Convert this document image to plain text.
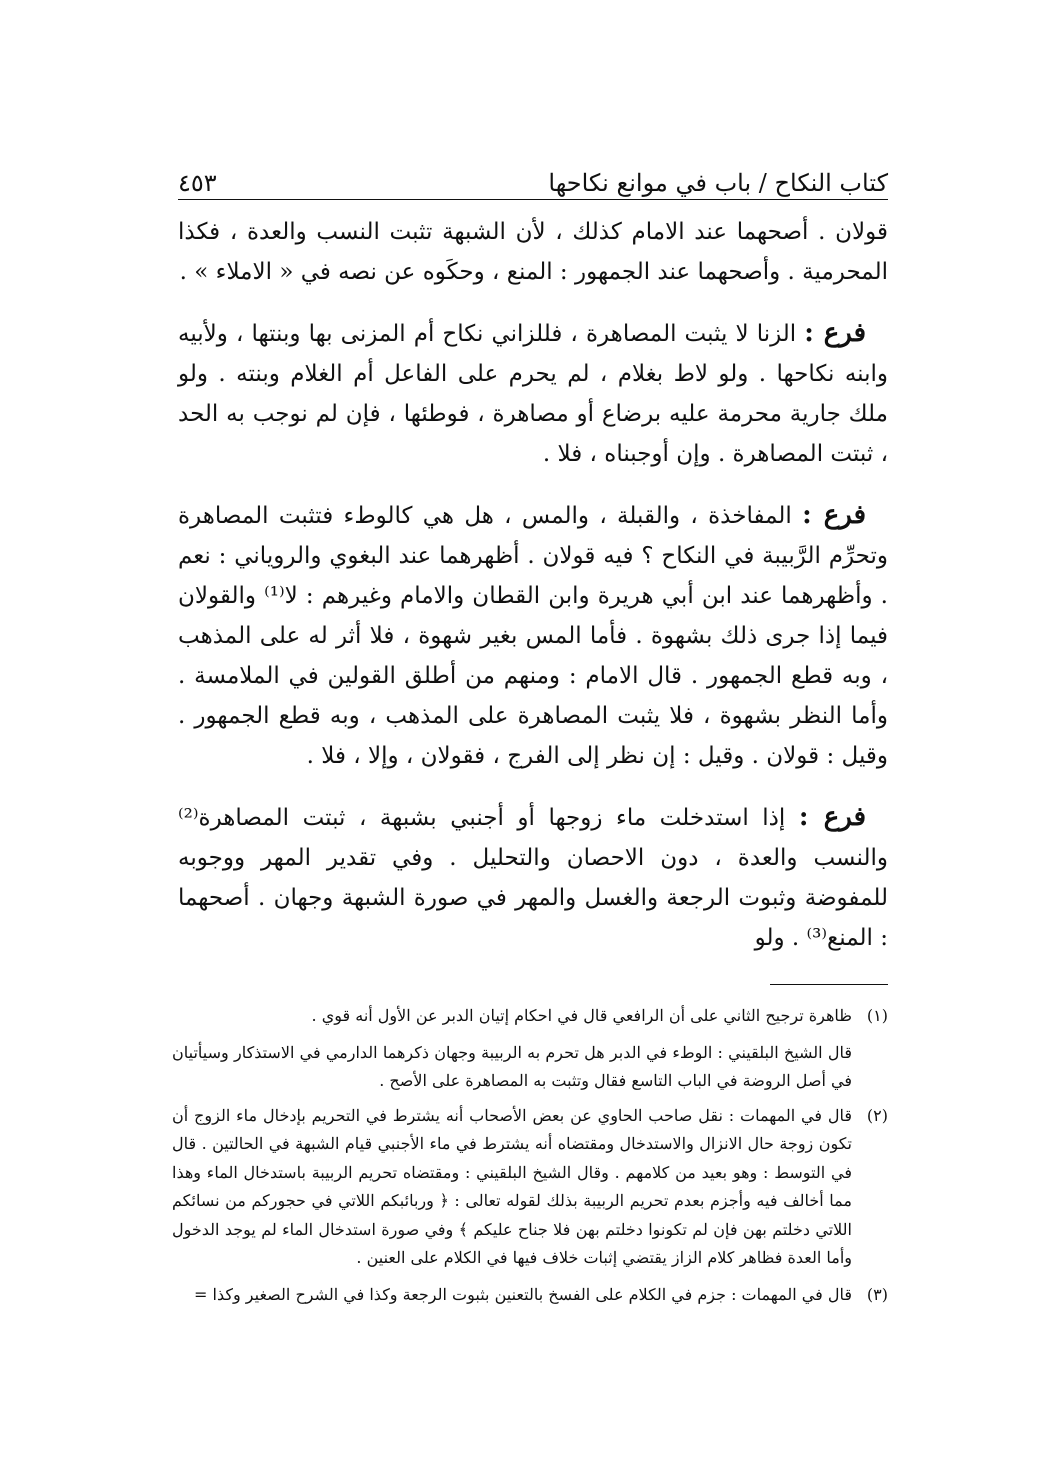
كتاب النكاح / باب في موانع نكاحها
٤٥٣

قولان . أصحهما عند الامام كذلك ، لأن الشبهة تثبت النسب والعدة ، فكذا المحرمية . وأصحهما عند الجمهور : المنع ، وحكَوه عن نصه في « الاملاء » .

فرع : الزنا لا يثبت المصاهرة ، فللزاني نكاح أم المزنى بها وبنتها ، ولأبيه وابنه نكاحها . ولو لاط بغلام ، لم يحرم على الفاعل أم الغلام وبنته . ولو ملك جارية محرمة عليه برضاع أو مصاهرة ، فوطئها ، فإن لم نوجب به الحد ، ثبتت المصاهرة . وإن أوجبناه ، فلا .

فرع : المفاخذة ، والقبلة ، والمس ، هل هي كالوطء فتثبت المصاهرة وتحرِّم الرَّبيبة في النكاح ؟ فيه قولان . أظهرهما عند البغوي والروياني : نعم . وأظهرهما عند ابن أبي هريرة وابن القطان والامام وغيرهم : لا⁽¹⁾ والقولان فيما إذا جرى ذلك بشهوة . فأما المس بغير شهوة ، فلا أثر له على المذهب ، وبه قطع الجمهور . قال الامام : ومنهم من أطلق القولين في الملامسة . وأما النظر بشهوة ، فلا يثبت المصاهرة على المذهب ، وبه قطع الجمهور . وقيل : قولان . وقيل : إن نظر إلى الفرج ، فقولان ، وإلا ، فلا .

فرع : إذا استدخلت ماء زوجها أو أجنبي بشبهة ، ثبتت المصاهرة⁽²⁾ والنسب والعدة ، دون الاحصان والتحليل . وفي تقدير المهر ووجوبه للمفوضة وثبوت الرجعة والغسل والمهر في صورة الشبهة وجهان . أصحهما : المنع⁽³⁾ . ولو

(١)
ظاهرة ترجيح الثاني على أن الرافعي قال في احكام إتيان الدبر عن الأول أنه قوي .
قال الشيخ البلقيني : الوطء في الدبر هل تحرم به الربيبة وجهان ذكرهما الدارمي في الاستذكار وسيأتيان في أصل الروضة في الباب التاسع فقال وتثبت به المصاهرة على الأصح .
(٢)
قال في المهمات : نقل صاحب الحاوي عن بعض الأصحاب أنه يشترط في التحريم بإدخال ماء الزوج أن تكون زوجة حال الانزال والاستدخال ومقتضاه أنه يشترط في ماء الأجنبي قيام الشبهة في الحالتين . قال في التوسط : وهو بعيد من كلامهم . وقال الشيخ البلقيني : ومقتضاه تحريم الربيبة باستدخال الماء وهذا مما أخالف فيه وأجزم بعدم تحريم الربيبة بذلك لقوله تعالى : ﴿ وربائبكم اللاتي في حجوركم من نسائكم اللاتي دخلتم بهن فإن لم تكونوا دخلتم بهن فلا جناح عليكم ﴾ وفي صورة استدخال الماء لم يوجد الدخول وأما العدة فظاهر كلام الزاز يقتضي إثبات خلاف فيها في الكلام على العنين .
(٣)
قال في المهمات : جزم في الكلام على الفسخ بالتعنين بثبوت الرجعة وكذا في الشرح الصغير وكذا =
